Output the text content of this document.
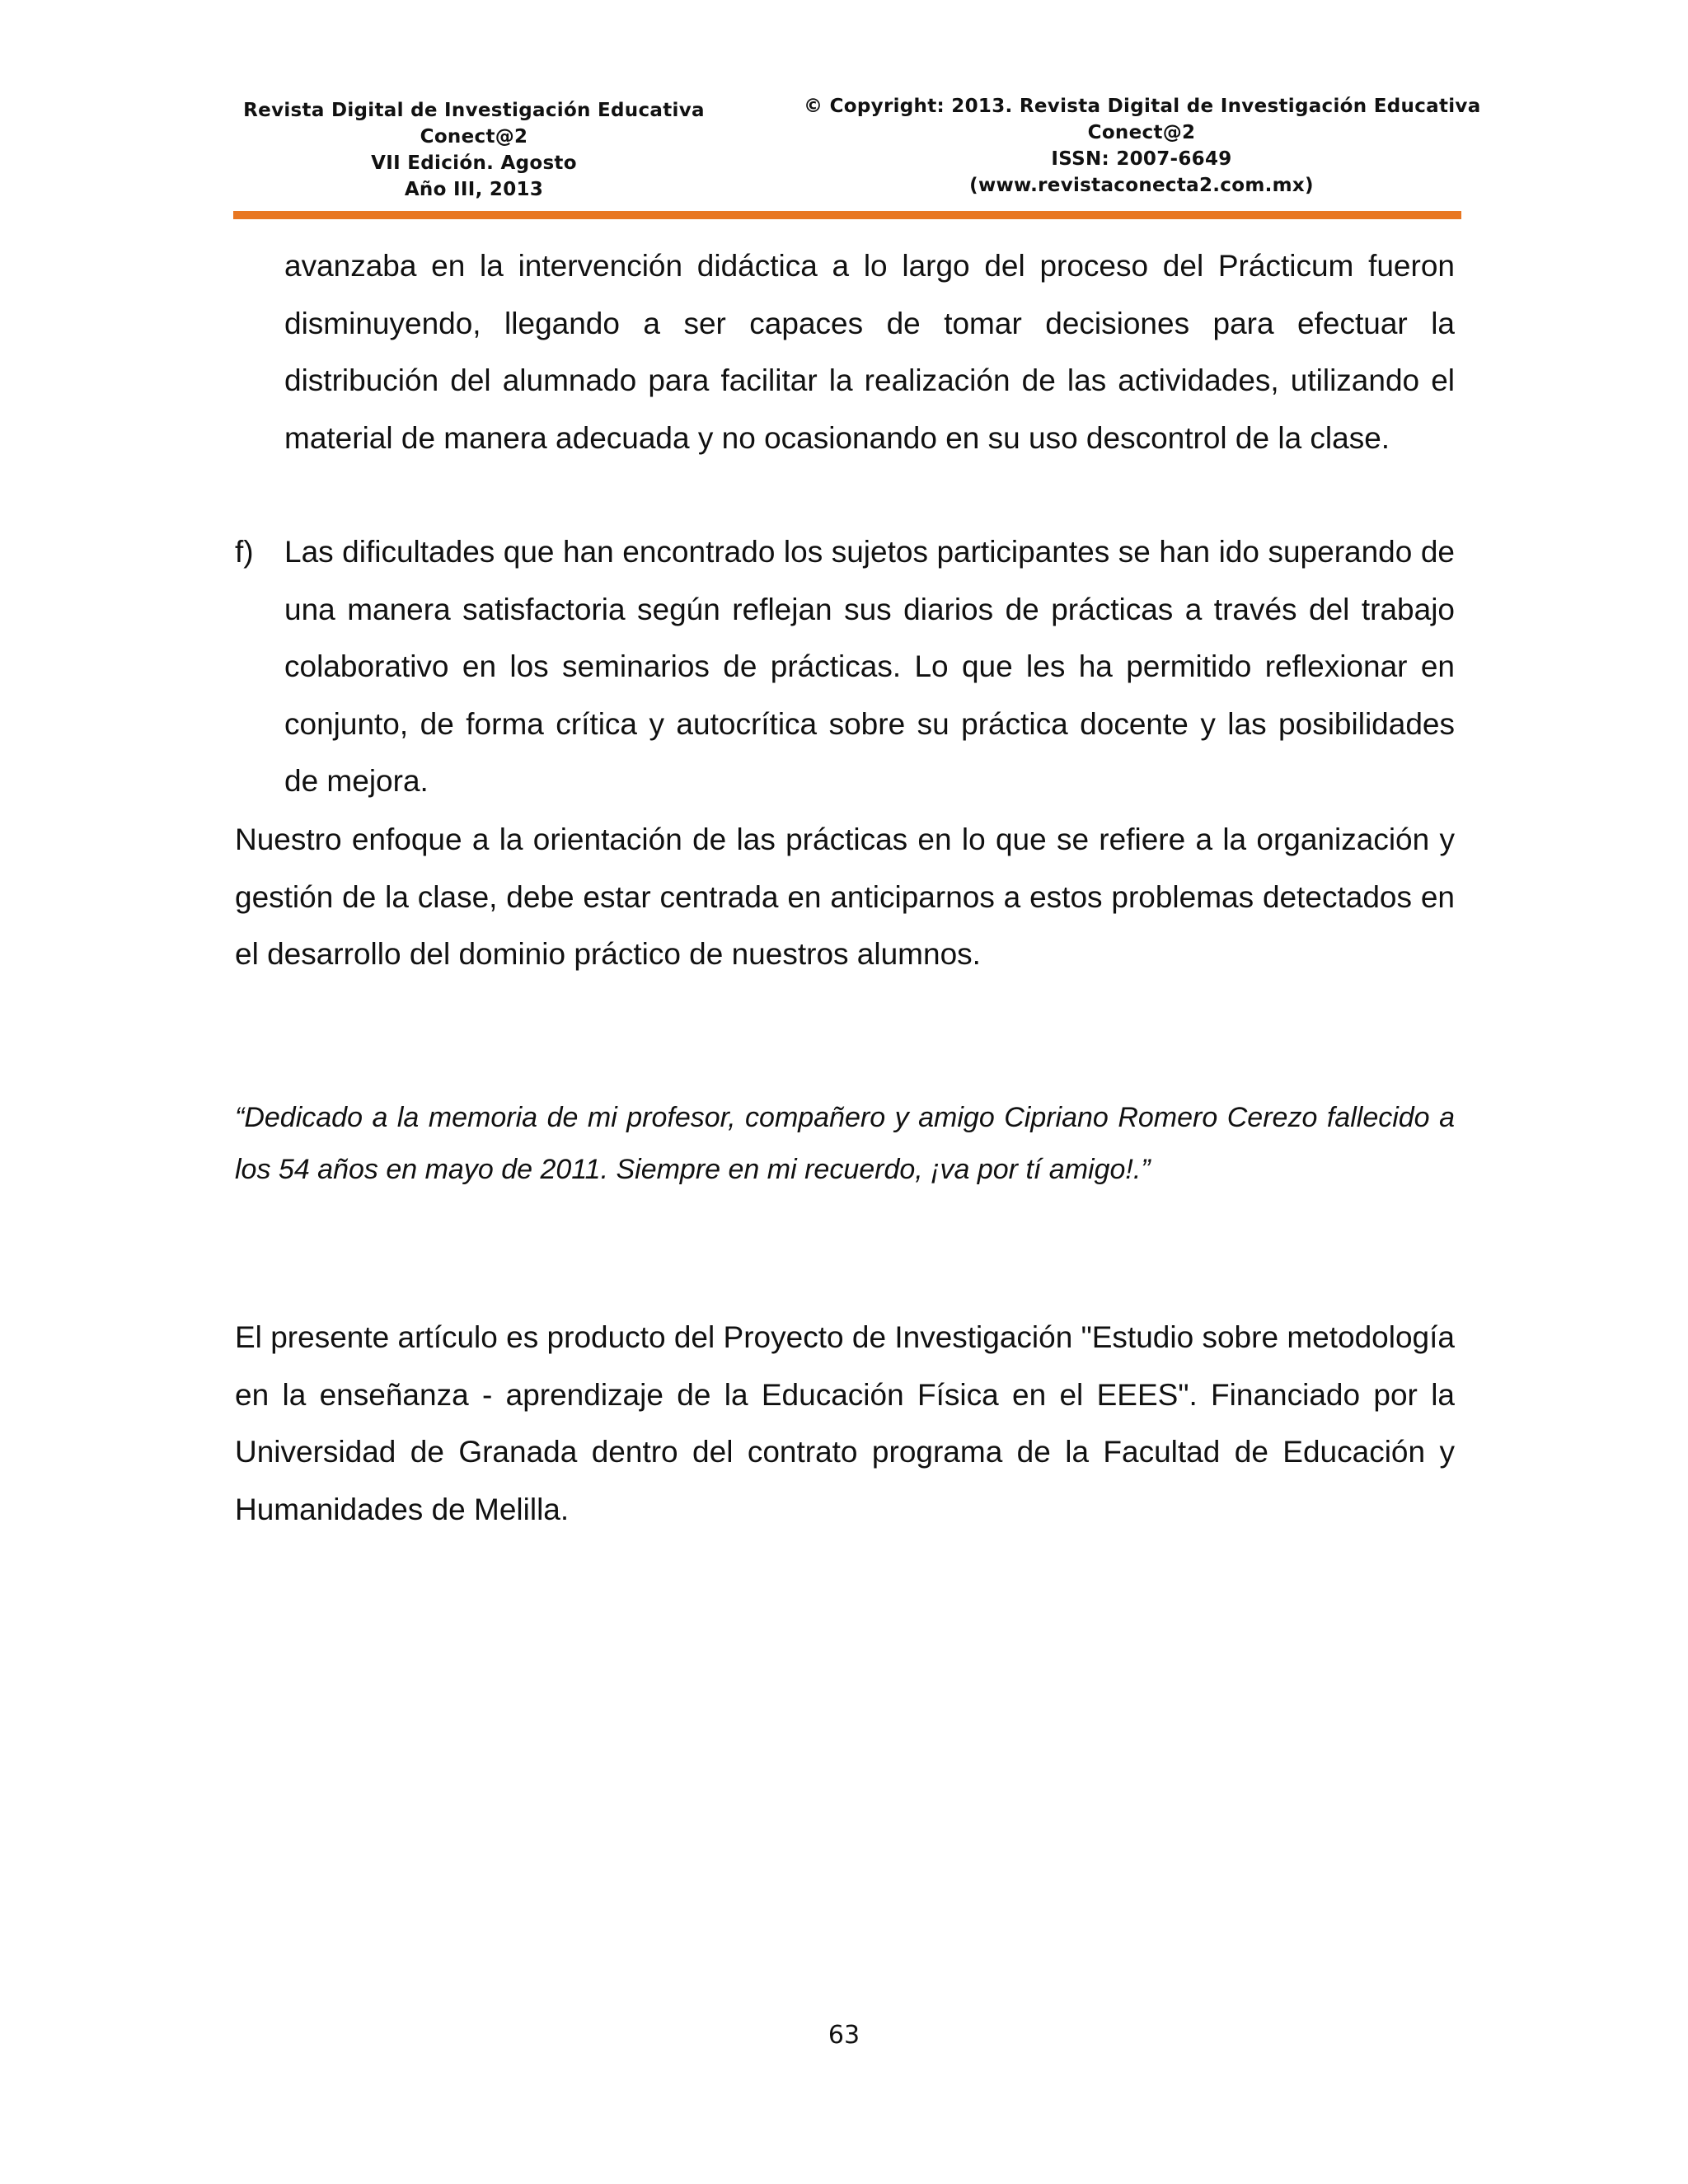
Revista Digital de Investigación Educativa
Conect@2
VII Edición. Agosto
Año III, 2013
© Copyright: 2013. Revista Digital de Investigación Educativa
Conect@2
ISSN: 2007-6649
(www.revistaconecta2.com.mx)
avanzaba en la intervención didáctica a lo largo del proceso del Prácticum fueron disminuyendo, llegando a ser capaces de tomar decisiones para efectuar la distribución del alumnado para facilitar la realización de las actividades, utilizando el material de manera adecuada y no ocasionando en su uso descontrol de la clase.
f)	Las dificultades que han encontrado los sujetos participantes se han ido superando de una manera satisfactoria según reflejan sus diarios de prácticas a través del trabajo colaborativo en los seminarios de prácticas. Lo que les ha permitido reflexionar en conjunto, de forma crítica y autocrítica sobre su práctica docente y las posibilidades de mejora.
Nuestro enfoque a la orientación de las prácticas en lo que se refiere a la organización y gestión de la clase, debe estar centrada en anticiparnos a estos problemas detectados en el desarrollo del dominio práctico de nuestros alumnos.
“Dedicado a la memoria de mi profesor, compañero y amigo Cipriano Romero Cerezo fallecido a los 54 años en mayo de 2011. Siempre en mi recuerdo, ¡va por tí amigo!.”
El presente artículo es producto del Proyecto de Investigación "Estudio sobre metodología en la enseñanza - aprendizaje de la Educación Física en el EEES". Financiado por la Universidad de Granada dentro del contrato programa de la Facultad de Educación y Humanidades de Melilla.
63
